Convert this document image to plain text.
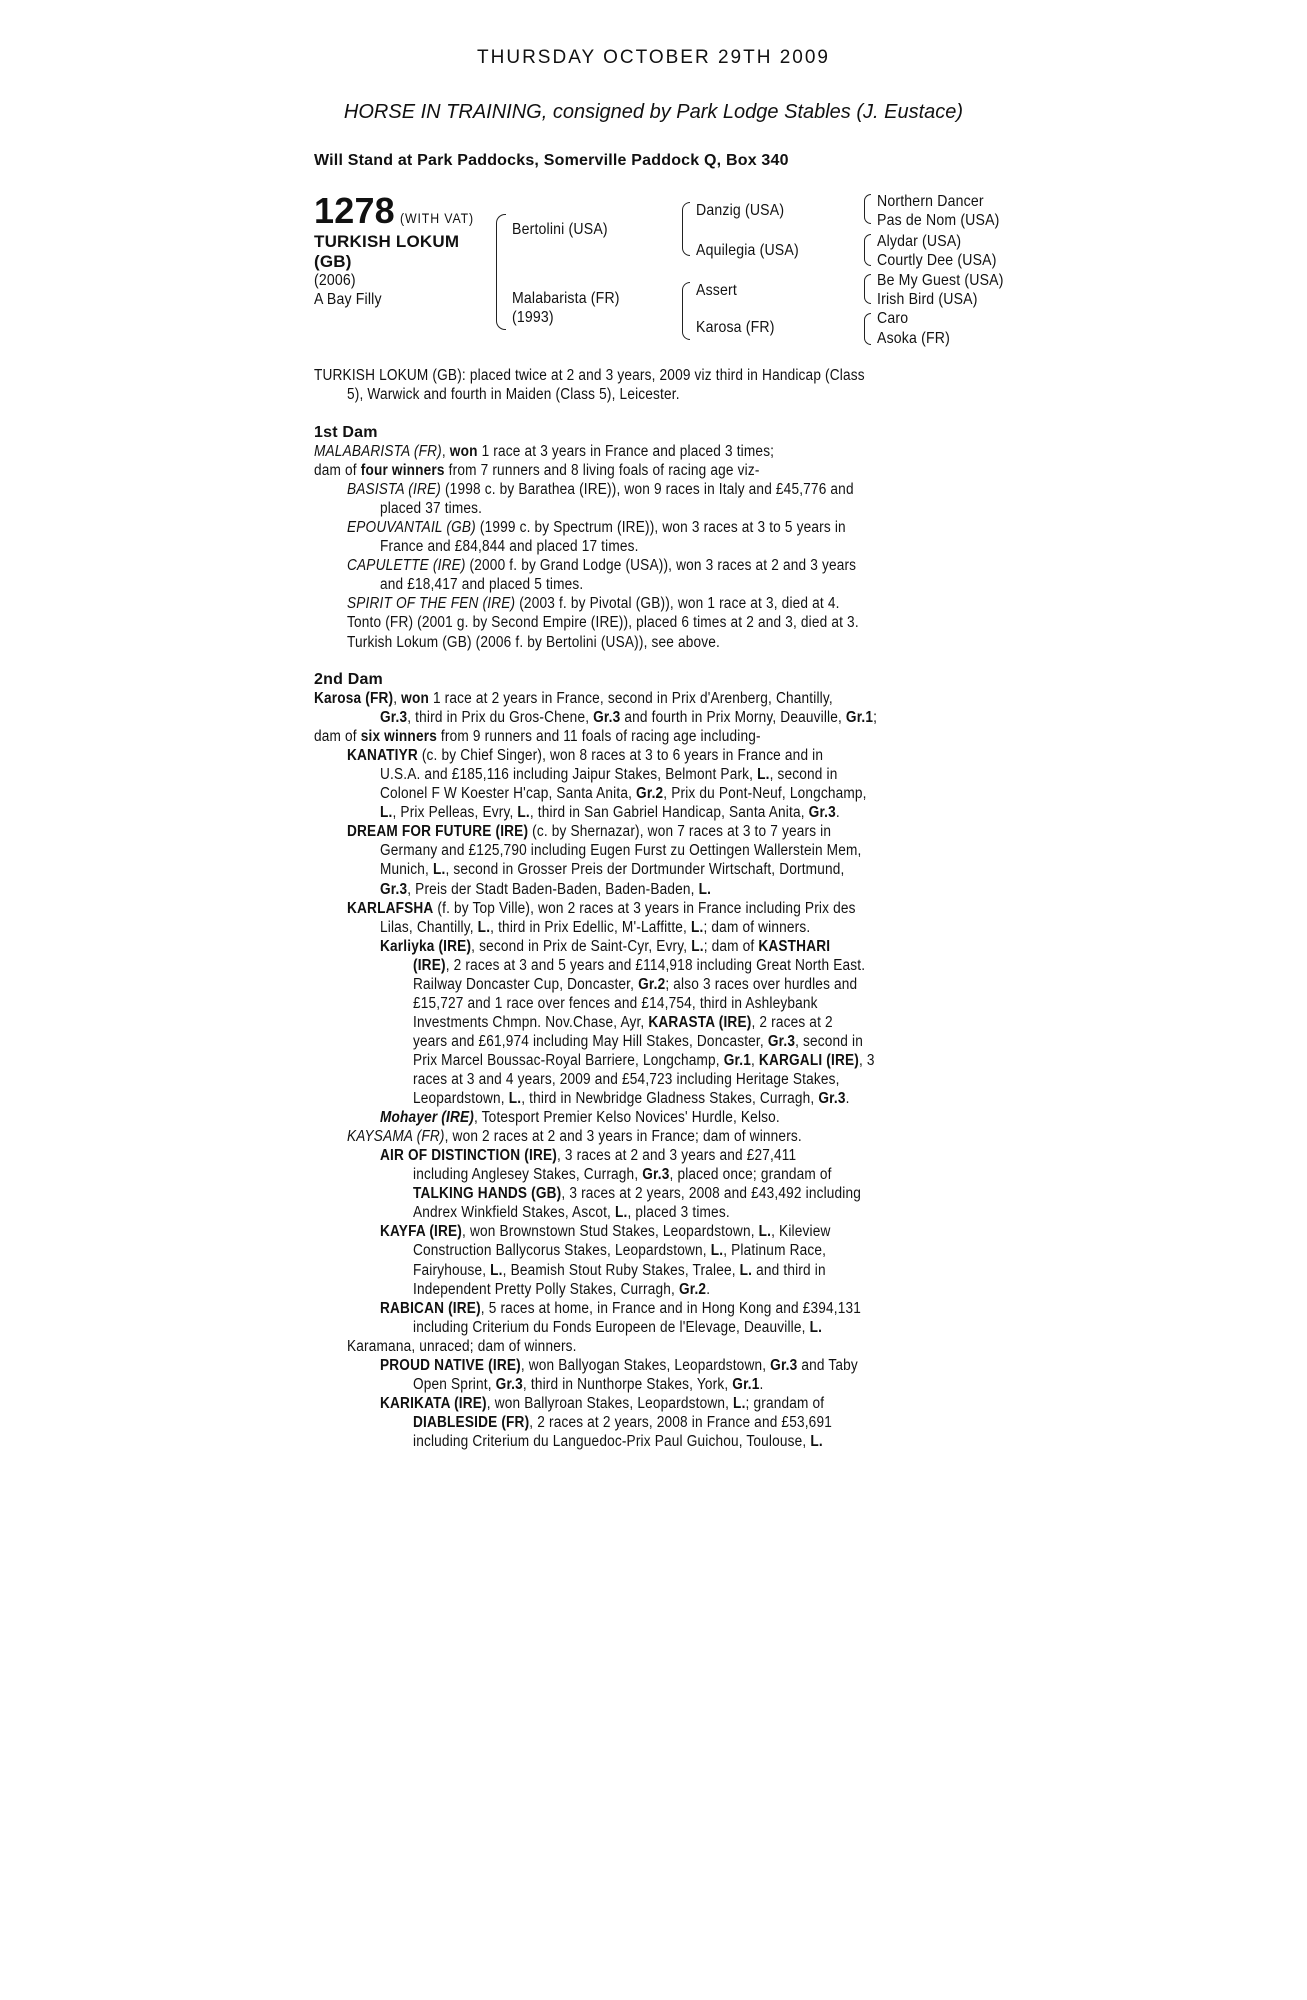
THURSDAY OCTOBER 29TH 2009
HORSE IN TRAINING, consigned by Park Lodge Stables (J. Eustace)
Will Stand at Park Paddocks, Somerville Paddock Q, Box 340
1278 (WITH VAT)
TURKISH LOKUM
(GB)
(2006)
A Bay Filly
Bertolini (USA)
Malabarista (FR)
(1993)
Danzig (USA)
Aquilegia (USA)
Assert
Karosa (FR)
Northern Dancer
Pas de Nom (USA)
Alydar (USA)
Courtly Dee (USA)
Be My Guest (USA)
Irish Bird (USA)
Caro
Asoka (FR)
TURKISH LOKUM (GB): placed twice at 2 and 3 years, 2009 viz third in Handicap (Class
5), Warwick and fourth in Maiden (Class 5), Leicester.
1st Dam
MALABARISTA (FR), won 1 race at 3 years in France and placed 3 times;
dam of four winners from 7 runners and 8 living foals of racing age viz-
BASISTA (IRE) (1998 c. by Barathea (IRE)), won 9 races in Italy and £45,776 and
placed 37 times.
EPOUVANTAIL (GB) (1999 c. by Spectrum (IRE)), won 3 races at 3 to 5 years in
France and £84,844 and placed 17 times.
CAPULETTE (IRE) (2000 f. by Grand Lodge (USA)), won 3 races at 2 and 3 years
and £18,417 and placed 5 times.
SPIRIT OF THE FEN (IRE) (2003 f. by Pivotal (GB)), won 1 race at 3, died at 4.
Tonto (FR) (2001 g. by Second Empire (IRE)), placed 6 times at 2 and 3, died at 3.
Turkish Lokum (GB) (2006 f. by Bertolini (USA)), see above.
2nd Dam
Karosa (FR), won 1 race at 2 years in France, second in Prix d'Arenberg, Chantilly,
Gr.3, third in Prix du Gros-Chene, Gr.3 and fourth in Prix Morny, Deauville, Gr.1;
dam of six winners from 9 runners and 11 foals of racing age including-
KANATIYR (c. by Chief Singer), won 8 races at 3 to 6 years in France and in
U.S.A. and £185,116 including Jaipur Stakes, Belmont Park, L., second in
Colonel F W Koester H'cap, Santa Anita, Gr.2, Prix du Pont-Neuf, Longchamp,
L., Prix Pelleas, Evry, L., third in San Gabriel Handicap, Santa Anita, Gr.3.
DREAM FOR FUTURE (IRE) (c. by Shernazar), won 7 races at 3 to 7 years in
Germany and £125,790 including Eugen Furst zu Oettingen Wallerstein Mem,
Munich, L., second in Grosser Preis der Dortmunder Wirtschaft, Dortmund,
Gr.3, Preis der Stadt Baden-Baden, Baden-Baden, L.
KARLAFSHA (f. by Top Ville), won 2 races at 3 years in France including Prix des
Lilas, Chantilly, L., third in Prix Edellic, M'-Laffitte, L.; dam of winners.
Karliyka (IRE), second in Prix de Saint-Cyr, Evry, L.; dam of KASTHARI
(IRE), 2 races at 3 and 5 years and £114,918 including Great North East.
Railway Doncaster Cup, Doncaster, Gr.2; also 3 races over hurdles and
£15,727 and 1 race over fences and £14,754, third in Ashleybank
Investments Chmpn. Nov.Chase, Ayr, KARASTA (IRE), 2 races at 2
years and £61,974 including May Hill Stakes, Doncaster, Gr.3, second in
Prix Marcel Boussac-Royal Barriere, Longchamp, Gr.1, KARGALI (IRE), 3
races at 3 and 4 years, 2009 and £54,723 including Heritage Stakes,
Leopardstown, L., third in Newbridge Gladness Stakes, Curragh, Gr.3.
Mohayer (IRE), Totesport Premier Kelso Novices' Hurdle, Kelso.
KAYSAMA (FR), won 2 races at 2 and 3 years in France; dam of winners.
AIR OF DISTINCTION (IRE), 3 races at 2 and 3 years and £27,411
including Anglesey Stakes, Curragh, Gr.3, placed once; grandam of
TALKING HANDS (GB), 3 races at 2 years, 2008 and £43,492 including
Andrex Winkfield Stakes, Ascot, L., placed 3 times.
KAYFA (IRE), won Brownstown Stud Stakes, Leopardstown, L., Kileview
Construction Ballycorus Stakes, Leopardstown, L., Platinum Race,
Fairyhouse, L., Beamish Stout Ruby Stakes, Tralee, L. and third in
Independent Pretty Polly Stakes, Curragh, Gr.2.
RABICAN (IRE), 5 races at home, in France and in Hong Kong and £394,131
including Criterium du Fonds Europeen de l'Elevage, Deauville, L.
Karamana, unraced; dam of winners.
PROUD NATIVE (IRE), won Ballyogan Stakes, Leopardstown, Gr.3 and Taby
Open Sprint, Gr.3, third in Nunthorpe Stakes, York, Gr.1.
KARIKATA (IRE), won Ballyroan Stakes, Leopardstown, L.; grandam of
DIABLESIDE (FR), 2 races at 2 years, 2008 in France and £53,691
including Criterium du Languedoc-Prix Paul Guichou, Toulouse, L.
